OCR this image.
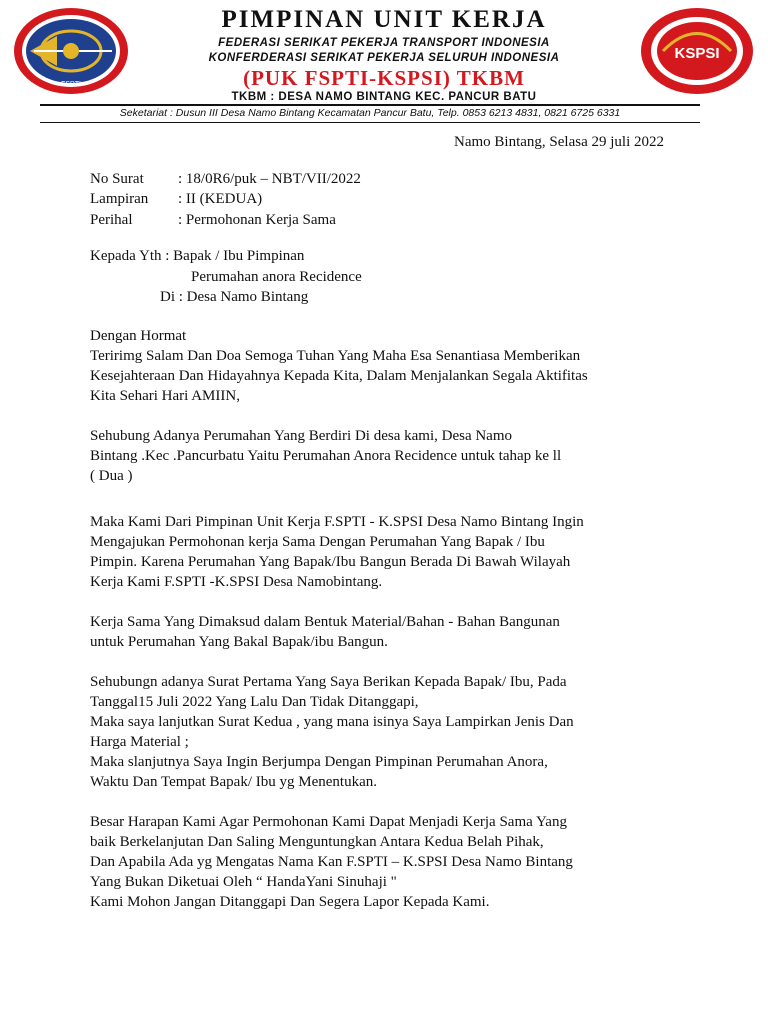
FSPTI
PIMPINAN UNIT KERJA
FEDERASI SERIKAT PEKERJA TRANSPORT INDONESIA
KONFERDERASI SERIKAT PEKERJA SELURUH INDONESIA
(PUK FSPTI-KSPSI) TKBM
TKBM : DESA NAMO BINTANG KEC. PANCUR BATU
KSPSI
Seketariat : Dusun III Desa Namo Bintang Kecamatan Pancur Batu, Telp. 0853 6213 4831, 0821 6725 6331
Namo Bintang, Selasa 29 juli 2022
No Surat : 18/0R6/puk – NBT/VII/2022
Lampiran : II (KEDUA)
Perihal	: Permohonan Kerja Sama
Kepada Yth : Bapak / Ibu Pimpinan
Perumahan anora Recidence
Di : Desa Namo Bintang

Dengan Hormat

Teririmg Salam Dan Doa Semoga Tuhan Yang Maha Esa Senantiasa Memberikan

Kesejahteraan Dan Hidayahnya Kepada Kita, Dalam Menjalankan Segala Aktifitas

Kita Sehari Hari AMIIN,

Sehubung Adanya Perumahan Yang Berdiri Di desa kami, Desa Namo

Bintang .Kec .Pancurbatu Yaitu Perumahan Anora Recidence untuk tahap ke ll

( Dua )

Maka Kami Dari Pimpinan Unit Kerja F.SPTI - K.SPSI Desa Namo Bintang Ingin

Mengajukan Permohonan kerja Sama Dengan Perumahan Yang Bapak / Ibu

Pimpin. Karena Perumahan Yang Bapak/Ibu Bangun Berada Di Bawah Wilayah

Kerja Kami F.SPTI -K.SPSI Desa Namobintang.

Kerja Sama Yang Dimaksud dalam Bentuk Material/Bahan - Bahan Bangunan

untuk Perumahan Yang Bakal Bapak/ibu Bangun.

Sehubungn adanya Surat Pertama Yang Saya Berikan Kepada Bapak/ Ibu, Pada

Tanggal15 Juli 2022 Yang Lalu Dan Tidak Ditanggapi,

Maka saya lanjutkan Surat Kedua , yang mana isinya Saya Lampirkan Jenis Dan

Harga Material ;

Maka slanjutnya Saya Ingin Berjumpa Dengan Pimpinan Perumahan Anora,

Waktu Dan Tempat Bapak/ Ibu yg Menentukan.

Besar Harapan Kami Agar Permohonan Kami Dapat Menjadi Kerja Sama Yang

baik Berkelanjutan Dan Saling Menguntungkan Antara Kedua Belah Pihak,

Dan Apabila Ada yg Mengatas Nama Kan F.SPTI – K.SPSI Desa Namo Bintang

Yang Bukan Diketuai Oleh “ HandaYani Sinuhaji "

Kami Mohon Jangan Ditanggapi Dan Segera Lapor Kepada Kami.
